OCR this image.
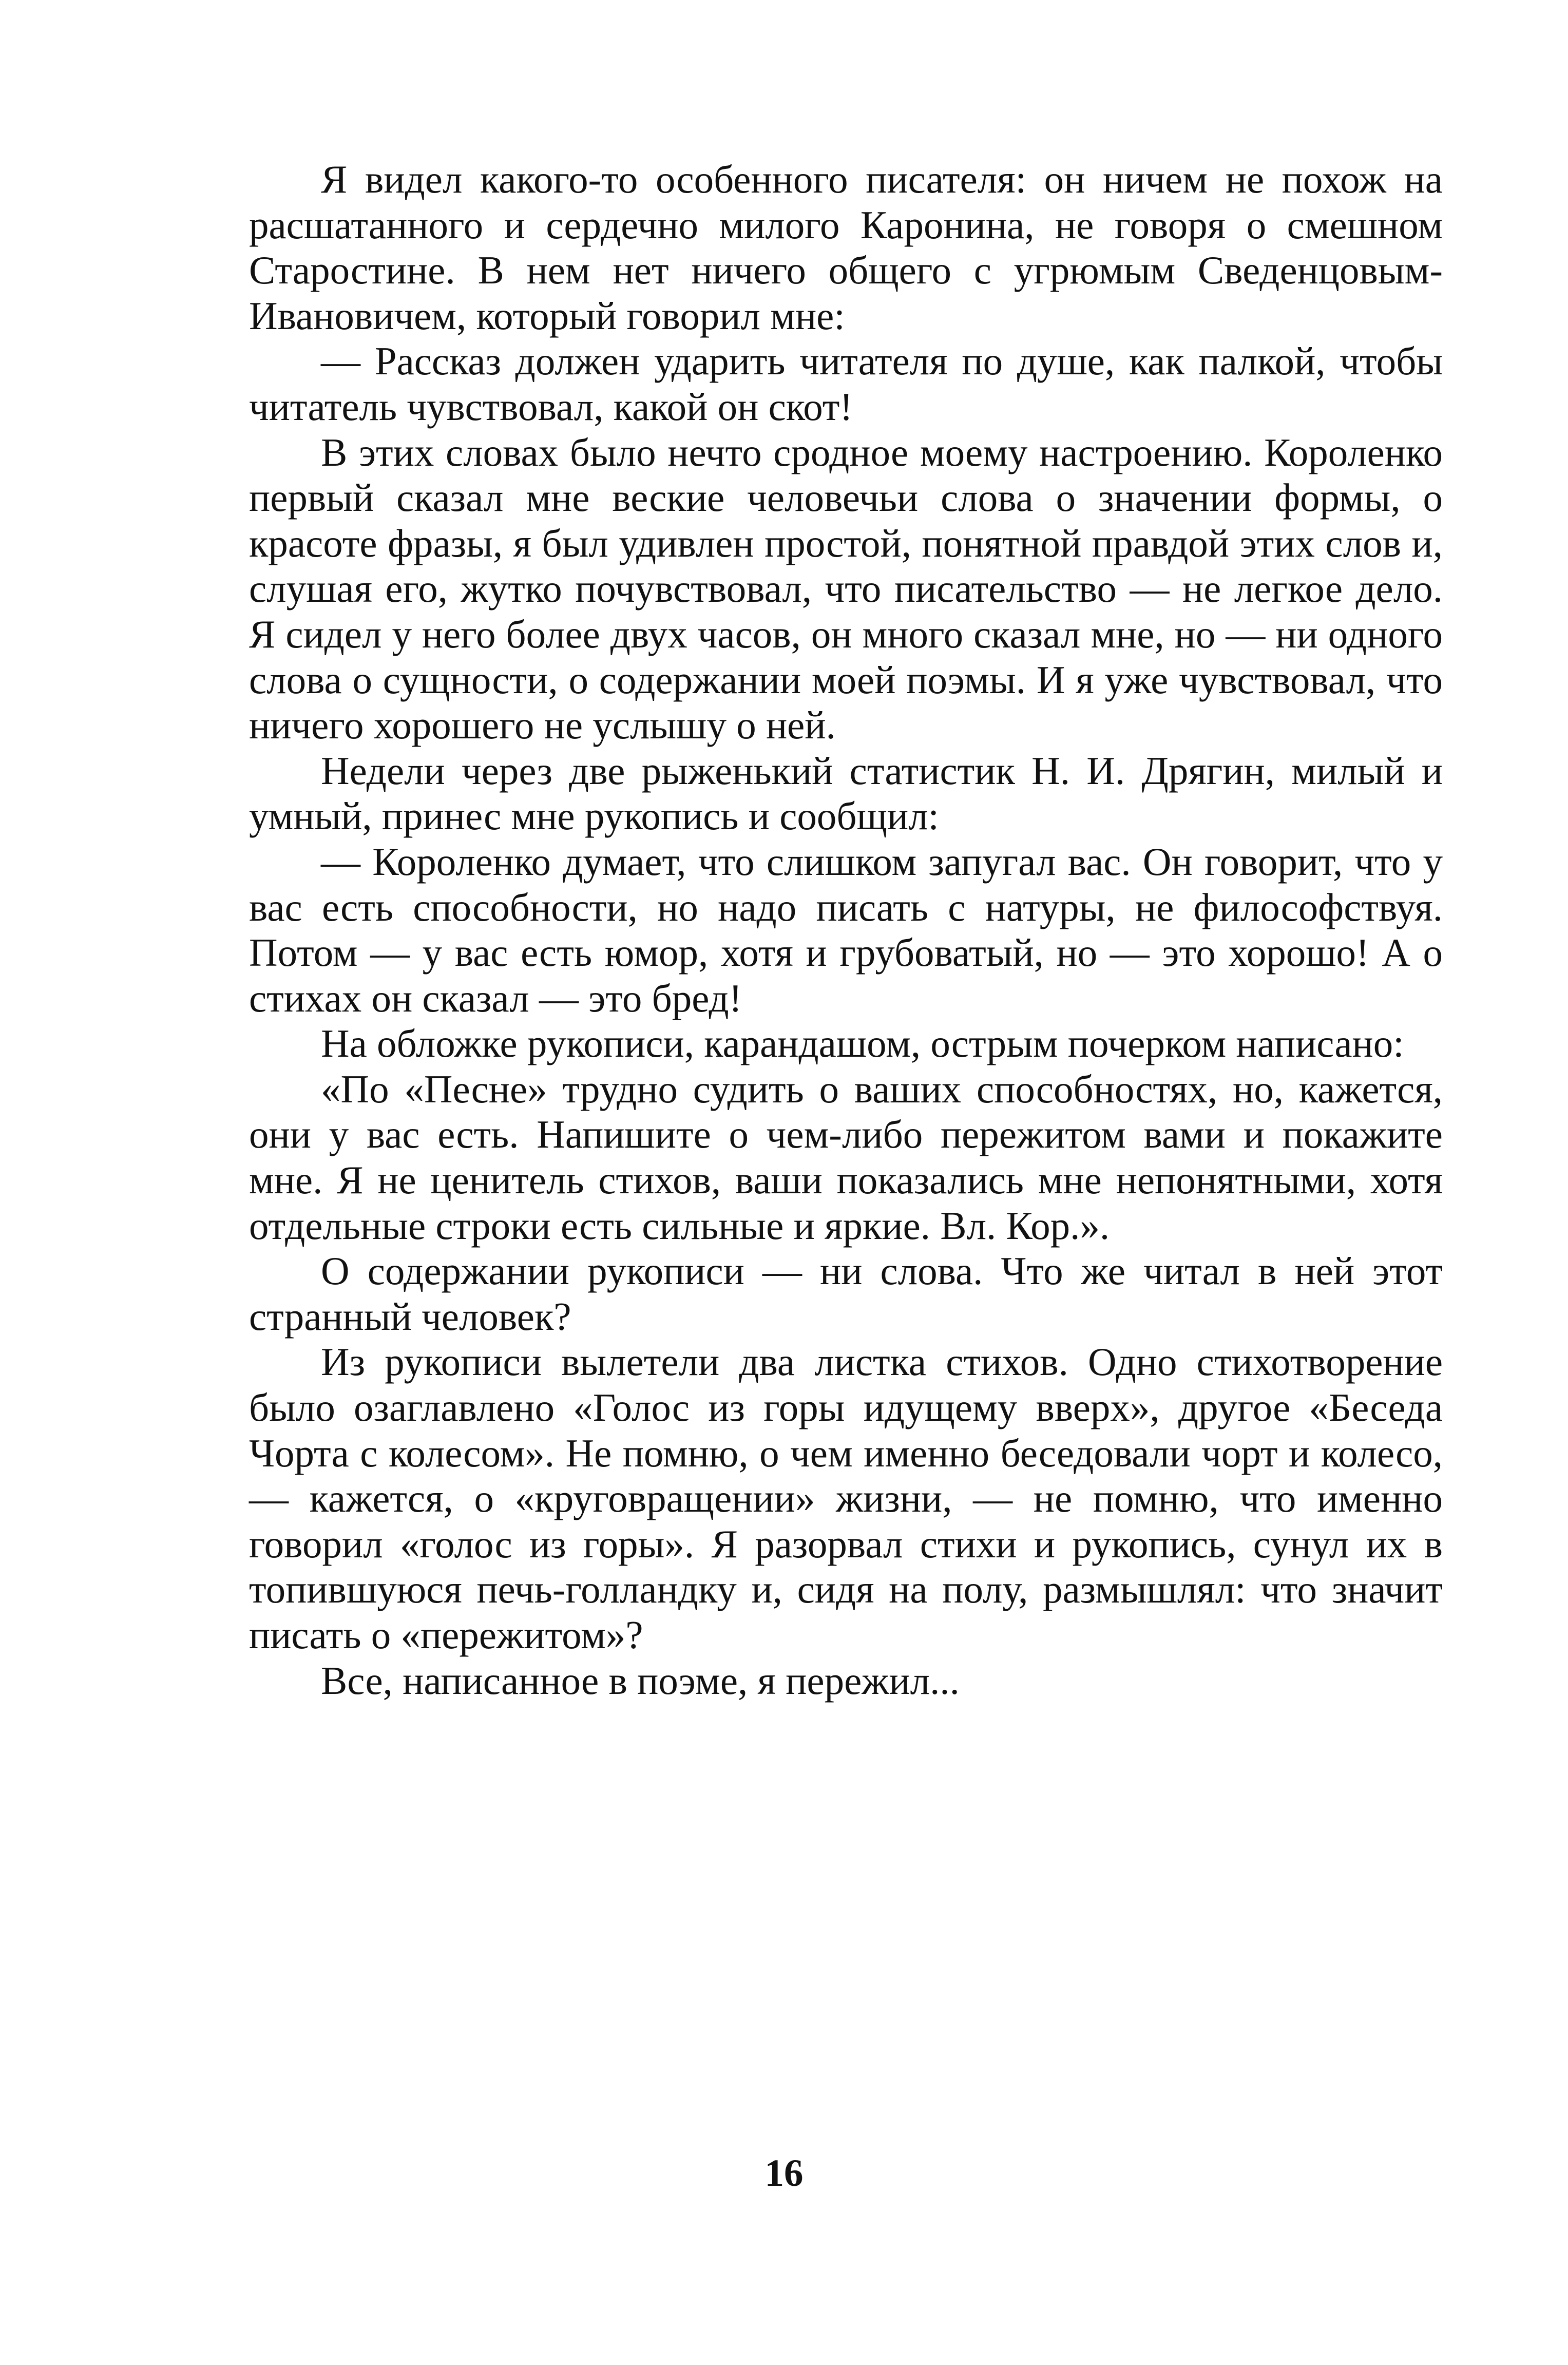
Я видел какого-то особенного писателя: он ничем не похож на расшатанного и сердечно милого Каронина, не говоря о смешном Старостине. В нем нет ничего общего с угрюмым Сведенцовым-Ивановичем, который говорил мне:

— Рассказ должен ударить читателя по душе, как палкой, чтобы читатель чувствовал, какой он скот!

В этих словах было нечто сродное моему настроению. Короленко первый сказал мне веские человечьи слова о значении формы, о красоте фразы, я был удивлен простой, понятной правдой этих слов и, слушая его, жутко почувствовал, что писательство — не легкое дело. Я сидел у него более двух часов, он много сказал мне, но — ни одного слова о сущности, о содержании моей поэмы. И я уже чувствовал, что ничего хорошего не услышу о ней.

Недели через две рыженький статистик Н. И. Дрягин, милый и умный, принес мне рукопись и сообщил:

— Короленко думает, что слишком запугал вас. Он говорит, что у вас есть способности, но надо писать с натуры, не философствуя. Потом — у вас есть юмор, хотя и грубоватый, но — это хорошо! А о стихах он сказал — это бред!

На обложке рукописи, карандашом, острым почерком написано:

«По «Песне» трудно судить о ваших способностях, но, кажется, они у вас есть. Напишите о чем-либо пережитом вами и покажите мне. Я не ценитель стихов, ваши показались мне непонятными, хотя отдельные строки есть сильные и яркие. Вл. Кор.».

О содержании рукописи — ни слова. Что же читал в ней этот странный человек?

Из рукописи вылетели два листка стихов. Одно стихотворение было озаглавлено «Голос из горы идущему вверх», другое «Беседа Чорта с колесом». Не помню, о чем именно беседовали чорт и колесо, — кажется, о «круговращении» жизни, — не помню, что именно говорил «голос из горы». Я разорвал стихи и рукопись, сунул их в топившуюся печь-голландку и, сидя на полу, размышлял: что значит писать о «пережитом»?

Все, написанное в поэме, я пережил...

16
